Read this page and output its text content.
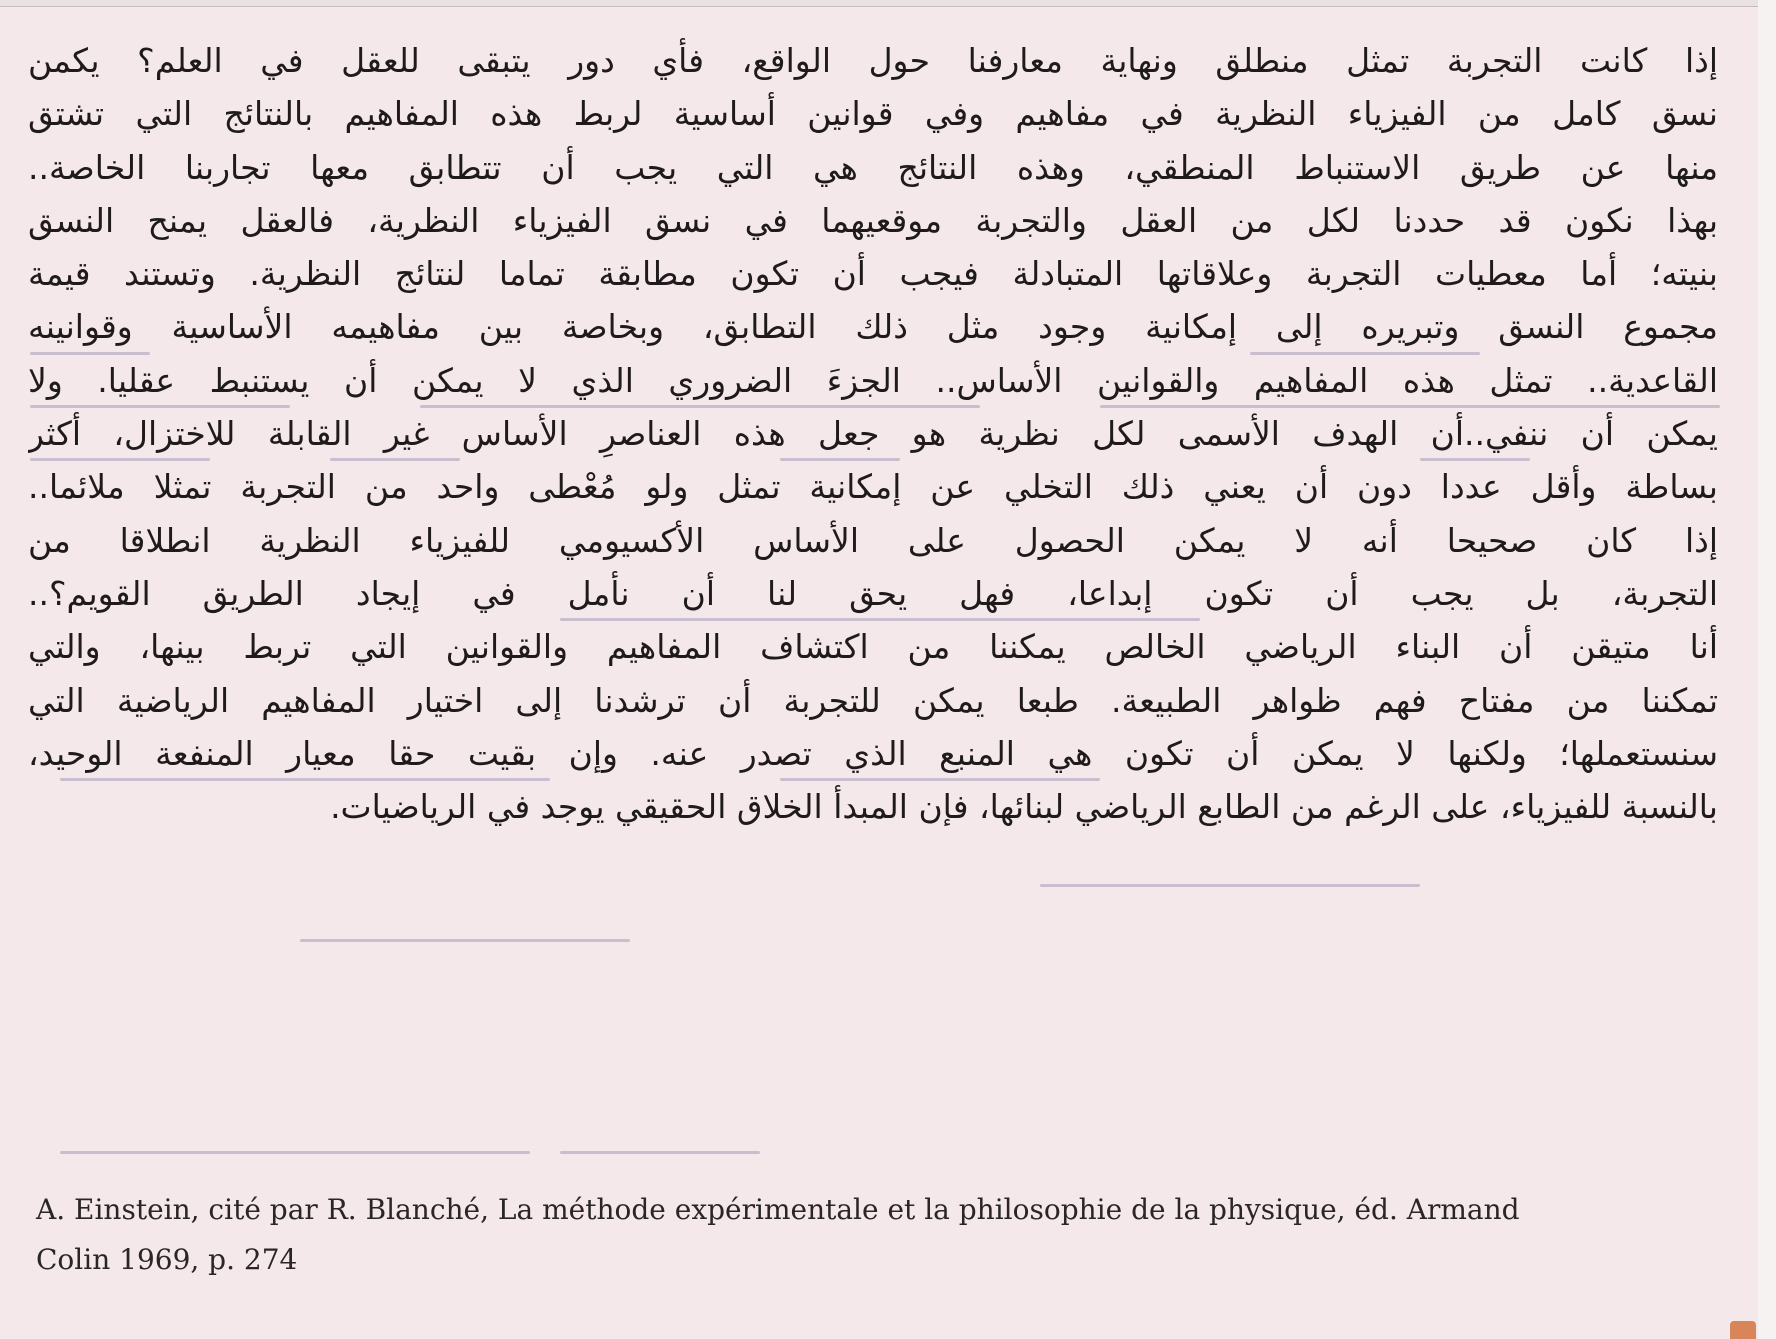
إذا كانت التجربة تمثل منطلق ونهاية معارفنا حول الواقع، فأي دور يتبقى للعقل في العلم؟ يكمن
نسق كامل من الفيزياء النظرية في مفاهيم وفي قوانين أساسية لربط هذه المفاهيم بالنتائج التي تشتق
منها عن طريق الاستنباط المنطقي، وهذه النتائج هي التي يجب أن تتطابق معها تجاربنا الخاصة..
بهذا نكون قد حددنا لكل من العقل والتجربة موقعيهما في نسق الفيزياء النظرية، فالعقل يمنح النسق
بنيته؛ أما معطيات التجربة وعلاقاتها المتبادلة فيجب أن تكون مطابقة تماما لنتائج النظرية. وتستند قيمة
مجموع النسق وتبريره إلى إمكانية وجود مثل ذلك التطابق، وبخاصة بين مفاهيمه الأساسية وقوانينه
القاعدية.. تمثل هذه المفاهيم والقوانين الأساس.. الجزءَ الضروري الذي لا يمكن أن يستنبط عقليا. ولا
يمكن أن ننفي..أن الهدف الأسمى لكل نظرية هو جعل هذه العناصرِ الأساس غير القابلة للاختزال، أكثر
بساطة وأقل عددا دون أن يعني ذلك التخلي عن إمكانية تمثل ولو مُعْطى واحد من التجربة تمثلا ملائما..
إذا كان صحيحا أنه لا يمكن الحصول على الأساس الأكسيومي للفيزياء النظرية انطلاقا من
التجربة، بل يجب أن تكون إبداعا، فهل يحق لنا أن نأمل في إيجاد الطريق القويم؟..
أنا متيقن أن البناء الرياضي الخالص يمكننا من اكتشاف المفاهيم والقوانين التي تربط بينها، والتي
تمكننا من مفتاح فهم ظواهر الطبيعة. طبعا يمكن للتجربة أن ترشدنا إلى اختيار المفاهيم الرياضية التي
سنستعملها؛ ولكنها لا يمكن أن تكون هي المنبع الذي تصدر عنه. وإن بقيت حقا معيار المنفعة الوحيد،
بالنسبة للفيزياء، على الرغم من الطابع الرياضي لبنائها، فإن المبدأ الخلاق الحقيقي يوجد في الرياضيات.
A. Einstein, cité par R. Blanché, La méthode expérimentale et la philosophie de la physique, éd. Armand
Colin 1969, p. 274
